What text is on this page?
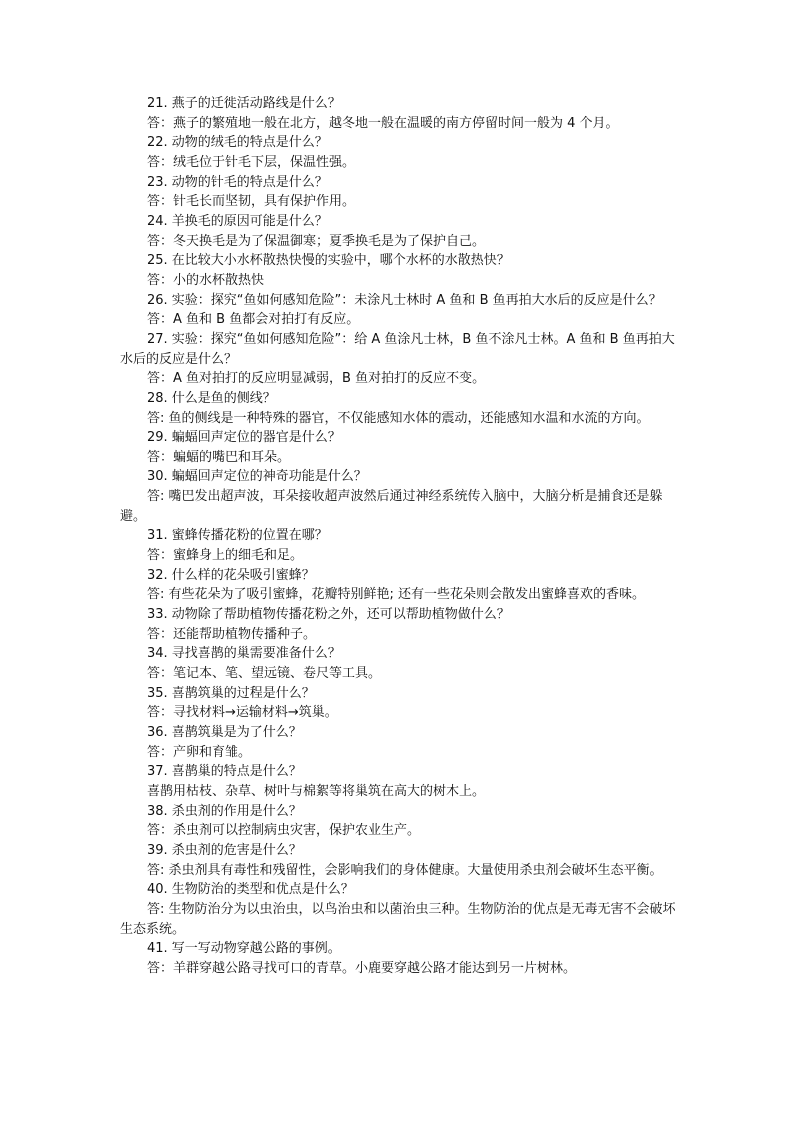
21. 燕子的迁徙活动路线是什么？

答：燕子的繁殖地一般在北方，越冬地一般在温暖的南方停留时间一般为 4 个月。

22. 动物的绒毛的特点是什么？

答：绒毛位于针毛下层，保温性强。

23. 动物的针毛的特点是什么？

答：针毛长而坚韧，具有保护作用。

24. 羊换毛的原因可能是什么？

答：冬天换毛是为了保温御寒；夏季换毛是为了保护自己。

25. 在比较大小水杯散热快慢的实验中，哪个水杯的水散热快？

答：小的水杯散热快

26. 实验：探究“鱼如何感知危险”：未涂凡士林时 A 鱼和 B 鱼再拍大水后的反应是什么？

答：A 鱼和 B 鱼都会对拍打有反应。

27. 实验：探究“鱼如何感知危险”：给 A 鱼涂凡士林，B 鱼不涂凡士林。A 鱼和 B 鱼再拍大水后的反应是什么？

答：A 鱼对拍打的反应明显减弱，B 鱼对拍打的反应不变。

28. 什么是鱼的侧线？

答: 鱼的侧线是一种特殊的器官，不仅能感知水体的震动，还能感知水温和水流的方向。

29. 蝙蝠回声定位的器官是什么？

答：蝙蝠的嘴巴和耳朵。

30. 蝙蝠回声定位的神奇功能是什么？

答: 嘴巴发出超声波，耳朵接收超声波然后通过神经系统传入脑中，大脑分析是捕食还是躲避。

31. 蜜蜂传播花粉的位置在哪？

答：蜜蜂身上的细毛和足。

32. 什么样的花朵吸引蜜蜂？

答: 有些花朵为了吸引蜜蜂，花瓣特别鲜艳; 还有一些花朵则会散发出蜜蜂喜欢的香味。

33. 动物除了帮助植物传播花粉之外，还可以帮助植物做什么？

答：还能帮助植物传播种子。

34. 寻找喜鹊的巢需要准备什么？

答：笔记本、笔、望远镜、卷尺等工具。

35. 喜鹊筑巢的过程是什么？

答：寻找材料→运输材料→筑巢。

36. 喜鹊筑巢是为了什么？

答：产卵和育雏。

37. 喜鹊巢的特点是什么？

喜鹊用枯枝、杂草、树叶与棉絮等将巢筑在高大的树木上。

38. 杀虫剂的作用是什么？

答：杀虫剂可以控制病虫灾害，保护农业生产。

39. 杀虫剂的危害是什么？

答: 杀虫剂具有毒性和残留性，会影响我们的身体健康。大量使用杀虫剂会破坏生态平衡。

40. 生物防治的类型和优点是什么？

答: 生物防治分为以虫治虫，以鸟治虫和以菌治虫三种。生物防治的优点是无毒无害不会破坏生态系统。

41. 写一写动物穿越公路的事例。

答：羊群穿越公路寻找可口的青草。小鹿要穿越公路才能达到另一片树林。
